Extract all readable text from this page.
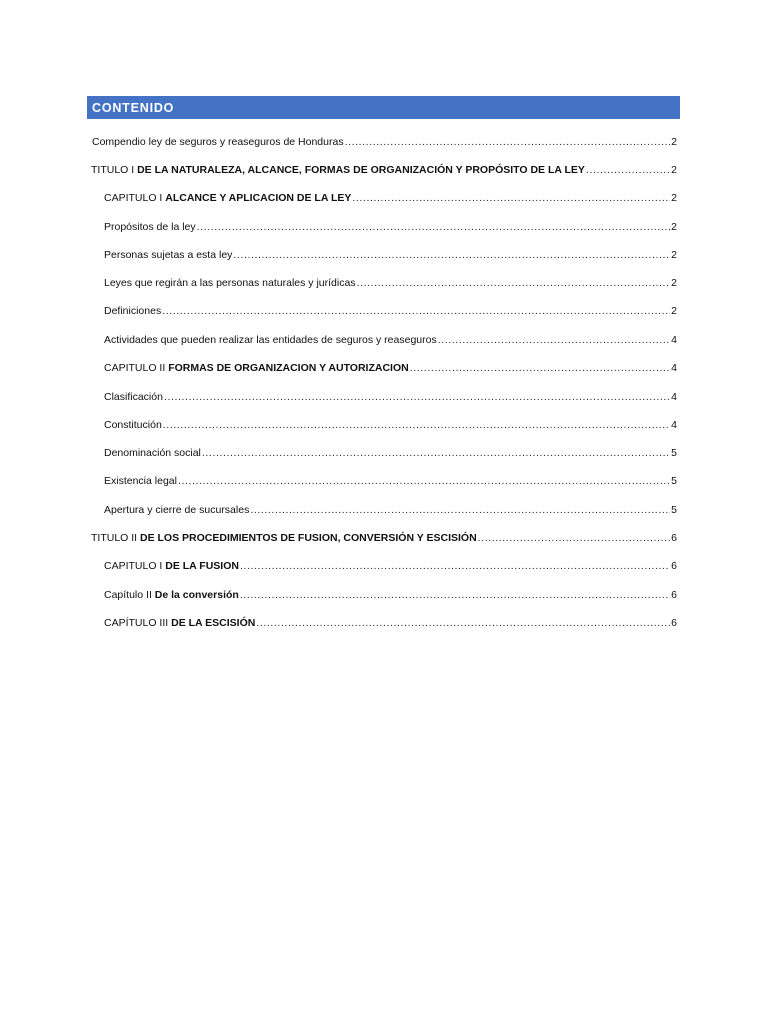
CONTENIDO
Compendio ley de seguros y reaseguros de Honduras .....	2
TITULO I DE LA NATURALEZA, ALCANCE, FORMAS DE ORGANIZACIÓN Y PROPÓSITO DE LA LEY .....	2
CAPITULO I ALCANCE Y APLICACION DE LA LEY .....	2
Propósitos de la ley .....	2
Personas sujetas a esta ley .....	2
Leyes que regirán a las personas naturales y jurídicas .....	2
Definiciones .....	2
Actividades que pueden realizar las entidades de seguros y reaseguros .....	4
CAPITULO II FORMAS DE ORGANIZACION Y AUTORIZACION .....	4
Clasificación .....	4
Constitución .....	4
Denominación social .....	5
Existencia legal .....	5
Apertura y cierre de sucursales .....	5
TITULO II DE LOS PROCEDIMIENTOS DE FUSION, CONVERSIÓN Y ESCISIÓN .....	6
CAPITULO I DE LA FUSION .....	6
Capítulo II De la conversión .....	6
CAPÍTULO III DE LA ESCISIÓN .....	6
